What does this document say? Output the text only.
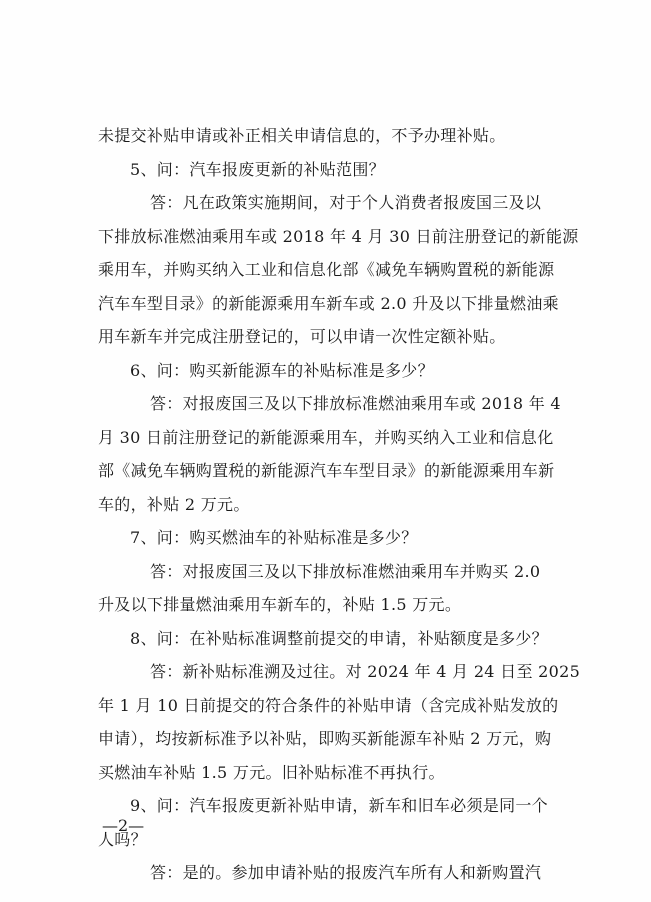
未提交补贴申请或补正相关申请信息的，不予办理补贴。
5、问：汽车报废更新的补贴范围？
答：凡在政策实施期间，对于个人消费者报废国三及以
下排放标准燃油乘用车或 2018 年 4 月 30 日前注册登记的新能源
乘用车，并购买纳入工业和信息化部《减免车辆购置税的新能源
汽车车型目录》的新能源乘用车新车或 2.0 升及以下排量燃油乘
用车新车并完成注册登记的，可以申请一次性定额补贴。
6、问：购买新能源车的补贴标准是多少？
答：对报废国三及以下排放标准燃油乘用车或 2018 年 4
月 30 日前注册登记的新能源乘用车，并购买纳入工业和信息化
部《减免车辆购置税的新能源汽车车型目录》的新能源乘用车新
车的，补贴 2 万元。
7、问：购买燃油车的补贴标准是多少？
答：对报废国三及以下排放标准燃油乘用车并购买 2.0
升及以下排量燃油乘用车新车的，补贴 1.5 万元。
8、问：在补贴标准调整前提交的申请，补贴额度是多少？
答：新补贴标准溯及过往。对 2024 年 4 月 24 日至 2025
年 1 月 10 日前提交的符合条件的补贴申请（含完成补贴发放的
申请），均按新标准予以补贴，即购买新能源车补贴 2 万元，购
买燃油车补贴 1.5 万元。旧补贴标准不再执行。
9、问：汽车报废更新补贴申请，新车和旧车必须是同一个
人吗？
答：是的。参加申请补贴的报废汽车所有人和新购置汽
—2—
